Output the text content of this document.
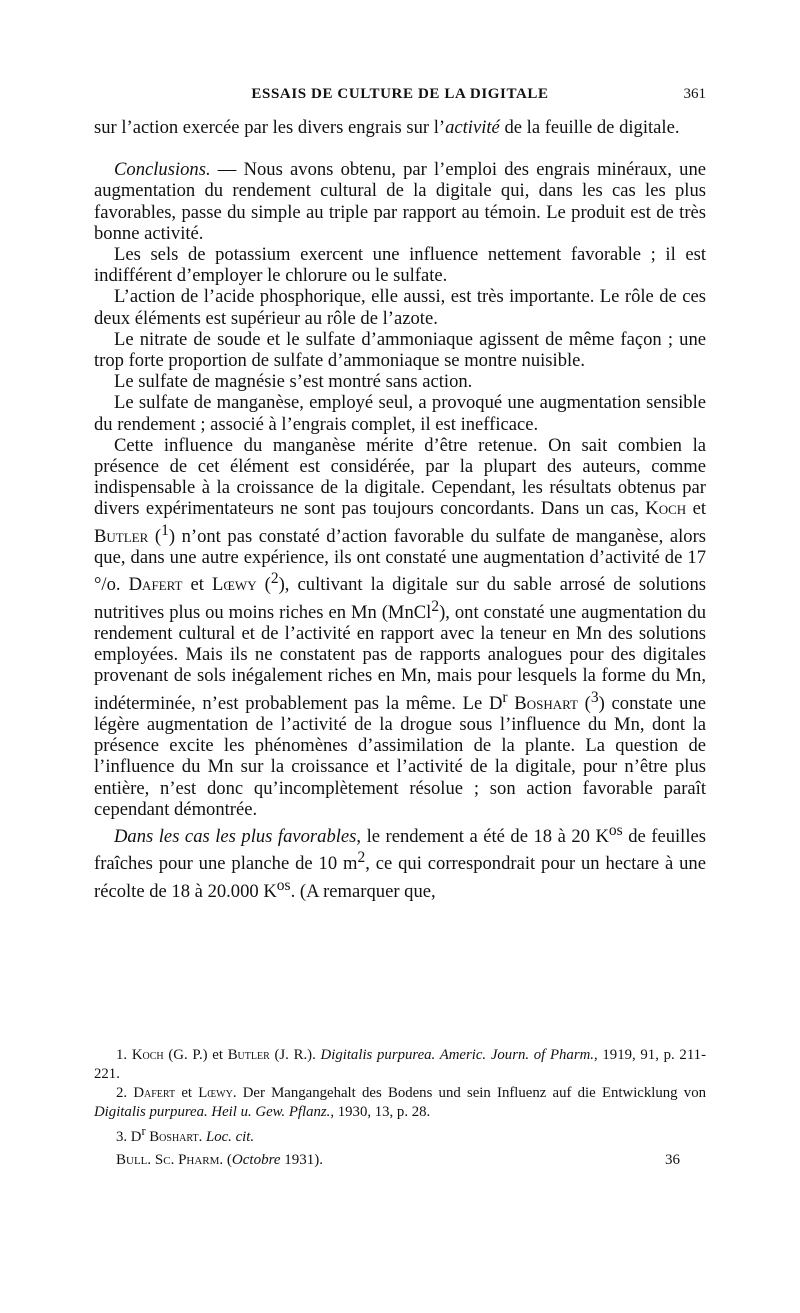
ESSAIS DE CULTURE DE LA DIGITALE	361

sur l’action exercée par les divers engrais sur l’activité de la feuille de digitale.

Conclusions. — Nous avons obtenu, par l’emploi des engrais minéraux, une augmentation du rendement cultural de la digitale qui, dans les cas les plus favorables, passe du simple au triple par rapport au témoin. Le produit est de très bonne activité.

Les sels de potassium exercent une influence nettement favorable ; il est indifférent d’employer le chlorure ou le sulfate.

L’action de l’acide phosphorique, elle aussi, est très importante. Le rôle de ces deux éléments est supérieur au rôle de l’azote.

Le nitrate de soude et le sulfate d’ammoniaque agissent de même façon ; une trop forte proportion de sulfate d’ammoniaque se montre nuisible.

Le sulfate de magnésie s’est montré sans action.

Le sulfate de manganèse, employé seul, a provoqué une augmentation sensible du rendement ; associé à l’engrais complet, il est inefficace.

Cette influence du manganèse mérite d’être retenue. On sait combien la présence de cet élément est considérée, par la plupart des auteurs, comme indispensable à la croissance de la digitale. Cependant, les résultats obtenus par divers expérimentateurs ne sont pas toujours concordants. Dans un cas, Koch et Butler ($^1$) n’ont pas constaté d’action favorable du sulfate de manganèse, alors que, dans une autre expérience, ils ont constaté une augmentation d’activité de 17 °/o. Dafert et Lœwy ($^2$), cultivant la digitale sur du sable arrosé de solutions nutritives plus ou moins riches en Mn (MnCl$^2$), ont constaté une augmentation du rendement cultural et de l’activité en rapport avec la teneur en Mn des solutions employées. Mais ils ne constatent pas de rapports analogues pour des digitales provenant de sols inégalement riches en Mn, mais pour lesquels la forme du Mn, indéterminée, n’est probablement pas la même. Le $D^r$ Boshart ($^3$) constate une légère augmentation de l’activité de la drogue sous l’influence du Mn, dont la présence excite les phénomènes d’assimilation de la plante. La question de l’influence du Mn sur la croissance et l’activité de la digitale, pour n’être plus entière, n’est donc qu’incomplètement résolue ; son action favorable paraît cependant démontrée.

Dans les cas les plus favorables, le rendement a été de 18 à 20 $K^{os}$ de feuilles fraîches pour une planche de 10 $m^2$, ce qui correspondrait pour un hectare à une récolte de 18 à 20.000 $K^{os}$. (A remarquer que,

1. Koch (G. P.) et Butler (J. R.). Digitalis purpurea. Americ. Journ. of Pharm., 1919, 91, p. 211-221.

2. Dafert et Lœwy. Der Mangangehalt des Bodens und sein Influenz auf die Entwicklung von Digitalis purpurea. Heil u. Gew. Pflanz., 1930, 13, p. 28.

3. $D^r$ Boshart. Loc. cit.

Bull. Sc. Pharm. (Octobre 1931).	36
